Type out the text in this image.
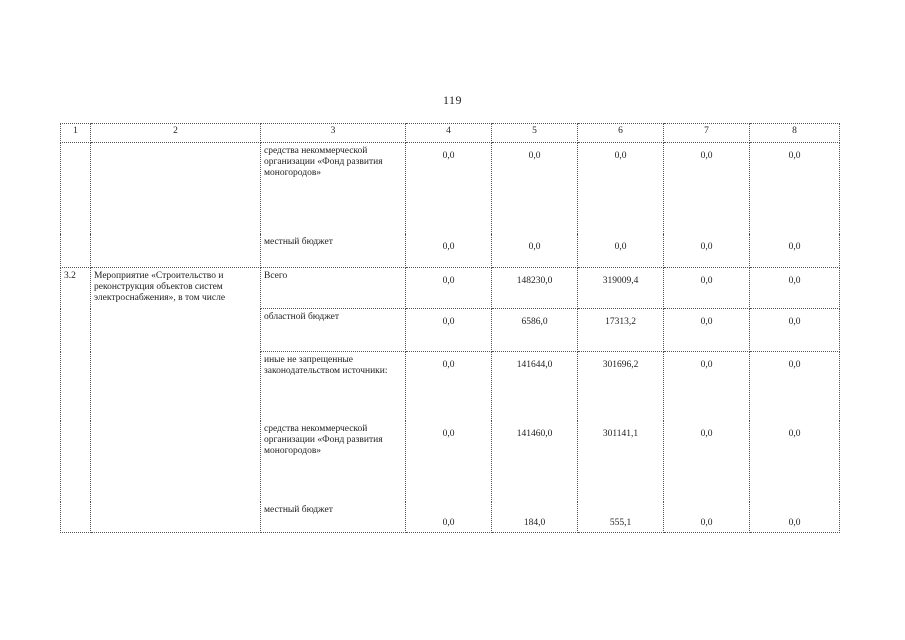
119
1	2	3	4	5	6	7	8
		средства некоммерческой организации «Фонд развития моногородов»	0,0	0,0	0,0	0,0	0,0
		местный бюджет	0,0	0,0	0,0	0,0	0,0
3.2	Мероприятие «Строительство и реконструкция объектов систем электроснабжения», в том числе	Всего	0,0	148230,0	319009,4	0,0	0,0
		областной бюджет	0,0	6586,0	17313,2	0,0	0,0
		иные не запрещенные законодательством источники:	0,0	141644,0	301696,2	0,0	0,0
		средства некоммерческой организации «Фонд развития моногородов»	0,0	141460,0	301141,1	0,0	0,0
		местный бюджет	0,0	184,0	555,1	0,0	0,0
